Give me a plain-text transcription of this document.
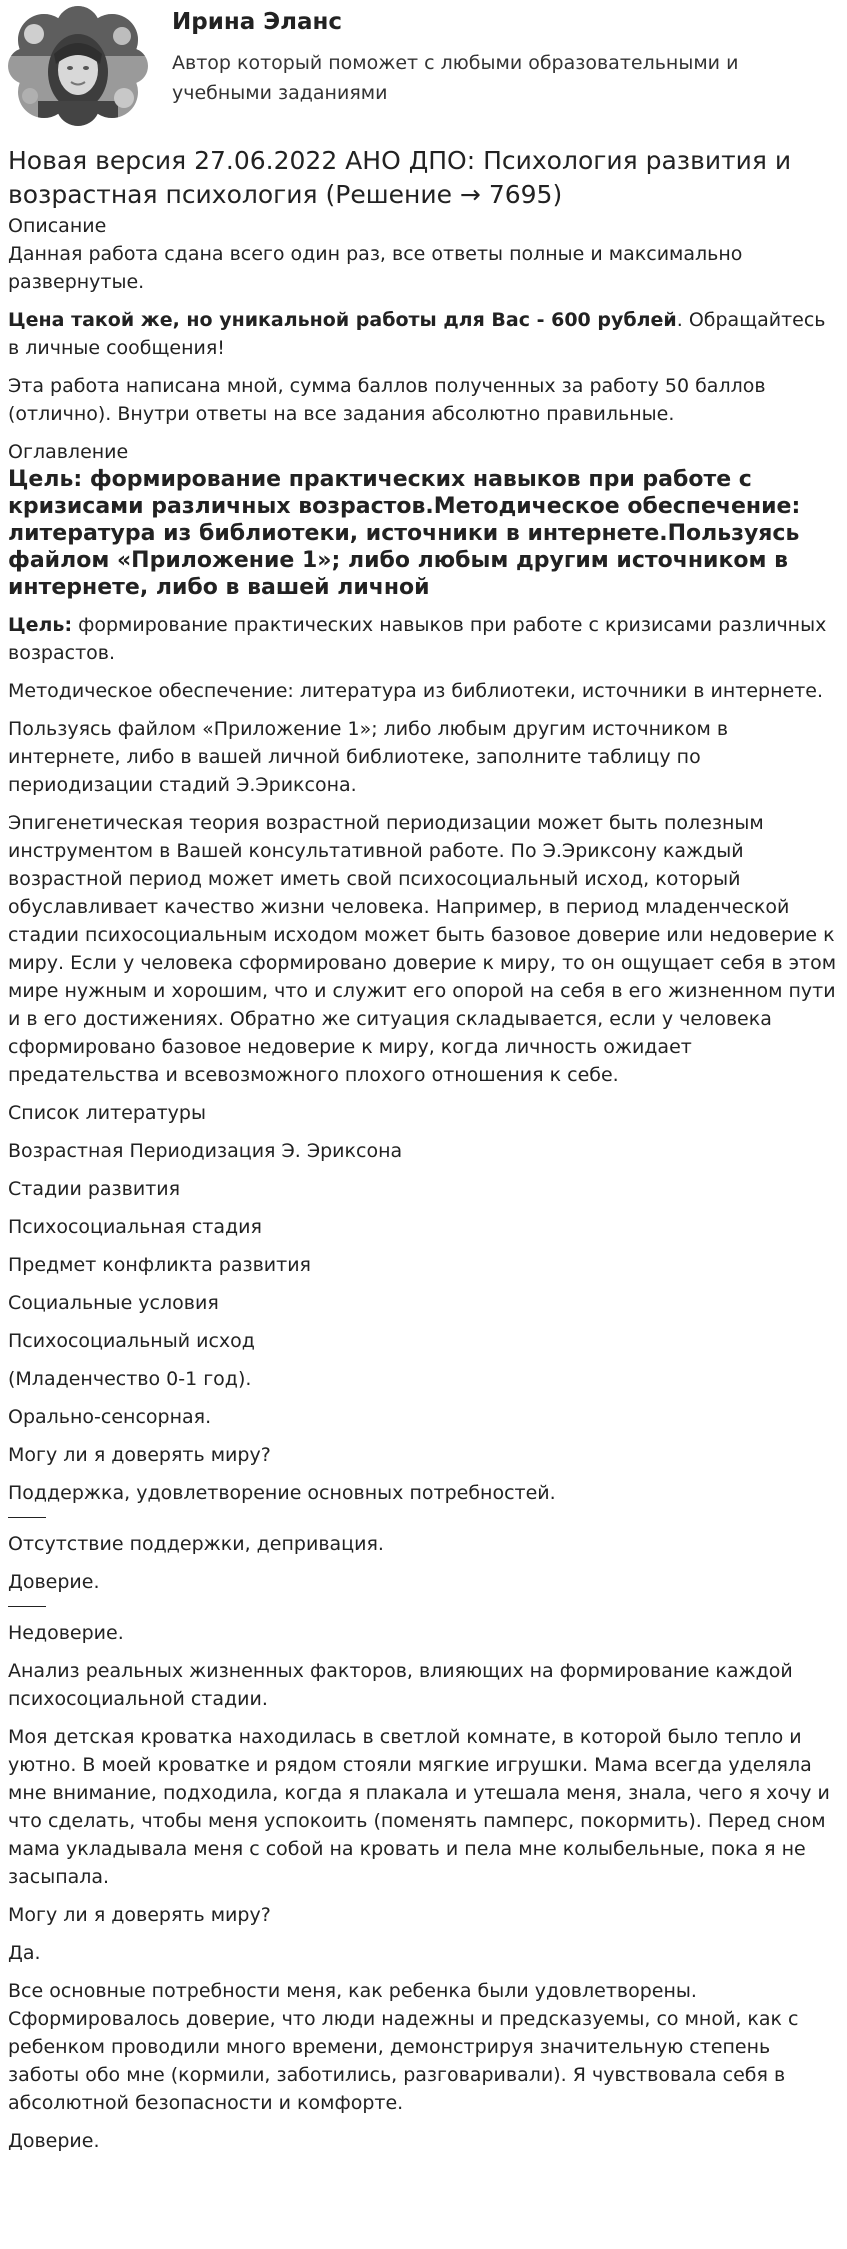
Ирина Эланс
Автор который поможет с любыми образовательными и учебными заданиями
Новая версия 27.06.2022 АНО ДПО: Психология развития и возрастная психология (Решение → 7695)
Описание

Данная работа сдана всего один раз, все ответы полные и максимально развернутые.

Цена такой же, но уникальной работы для Вас - 600 рублей. Обращайтесь в личные сообщения!

Эта работа написана мной, сумма баллов полученных за работу 50 баллов (отлично). Внутри ответы на все задания абсолютно правильные.

Оглавление
Цель: формирование практических навыков при работе с кризисами различных возрастов.Методическое обеспечение: литература из библиотеки, источники в интернете.Пользуясь файлом «Приложение 1»; либо любым другим источником в интернете, либо в вашей личной

Цель: формирование практических навыков при работе с кризисами различных возрастов.

Методическое обеспечение: литература из библиотеки, источники в интернете.

Пользуясь файлом «Приложение 1»; либо любым другим источником в интернете, либо в вашей личной библиотеке, заполните таблицу по периодизации стадий Э.Эриксона.

Эпигенетическая теория возрастной периодизации может быть полезным инструментом в Вашей консультативной работе. По Э.Эриксону каждый возрастной период может иметь свой психосоциальный исход, который обуславливает качество жизни человека. Например, в период младенческой стадии психосоциальным исходом может быть базовое доверие или недоверие к миру. Если у человека сформировано доверие к миру, то он ощущает себя в этом мире нужным и хорошим, что и служит его опорой на себя в его жизненном пути и в его достижениях. Обратно же ситуация складывается, если у человека сформировано базовое недоверие к миру, когда личность ожидает предательства и всевозможного плохого отношения к себе.

Список литературы

Возрастная Периодизация Э. Эриксона

Стадии развития

Психосоциальная стадия

Предмет конфликта развития

Социальные условия

Психосоциальный исход

(Младенчество 0-1 год).

Орально-сенсорная.

Могу ли я доверять миру?

Поддержка, удовлетворение основных потребностей.

Отсутствие поддержки, депривация.

Доверие.

Недоверие.

Анализ реальных жизненных факторов, влияющих на формирование каждой психосоциальной стадии.

Моя детская кроватка находилась в светлой комнате, в которой было тепло и уютно. В моей кроватке и рядом стояли мягкие игрушки. Мама всегда уделяла мне внимание, подходила, когда я плакала и утешала меня, знала, чего я хочу и что сделать, чтобы меня успокоить (поменять памперс, покормить). Перед сном мама укладывала меня с собой на кровать и пела мне колыбельные, пока я не засыпала.

Могу ли я доверять миру?

Да.

Все основные потребности меня, как ребенка были удовлетворены. Сформировалось доверие, что люди надежны и предсказуемы, со мной, как с ребенком проводили много времени, демонстрируя значительную степень заботы обо мне (кормили, заботились, разговаривали). Я чувствовала себя в абсолютной безопасности и комфорте.

Доверие.
